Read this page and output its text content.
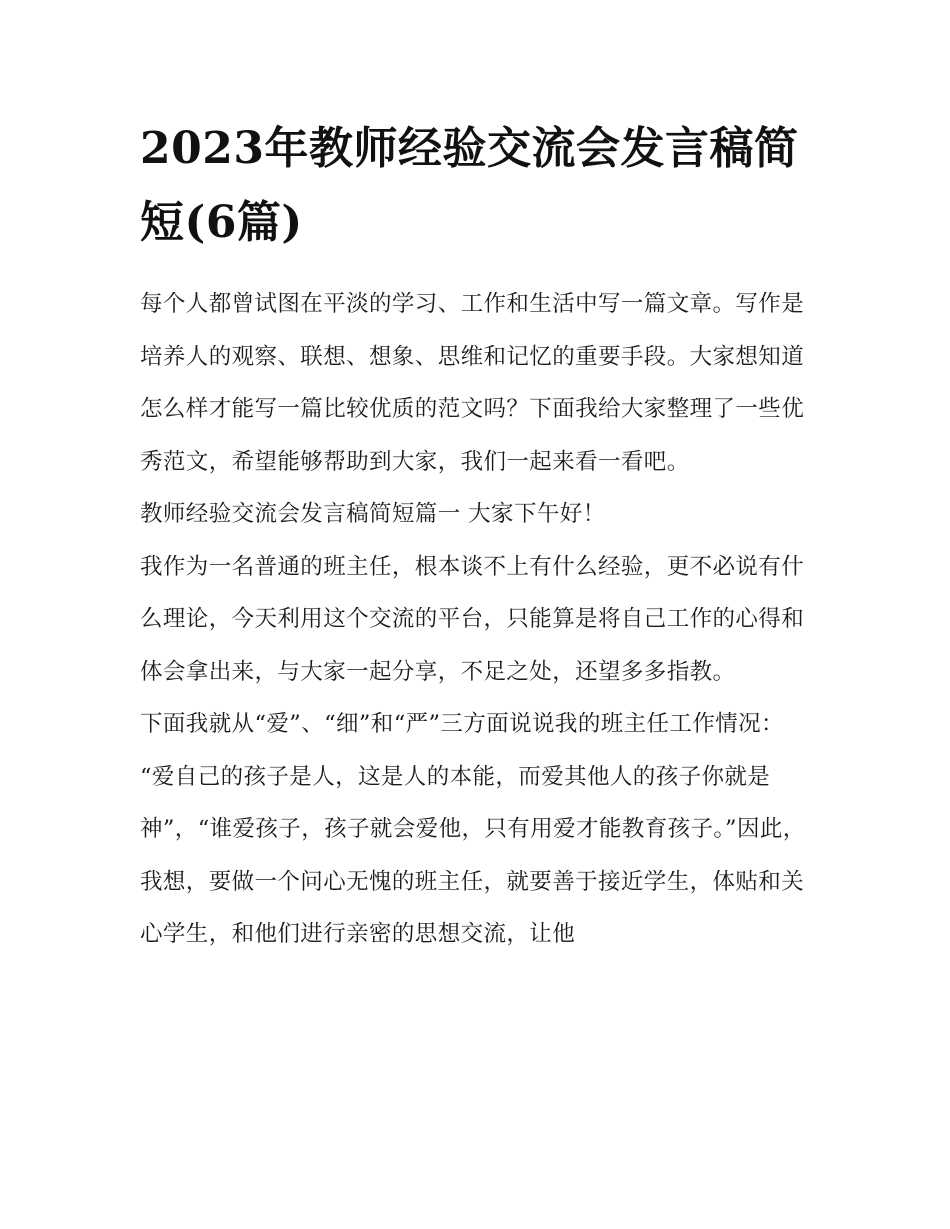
2023年教师经验交流会发言稿简短(6篇)

每个人都曾试图在平淡的学习、工作和生活中写一篇文章。写作是培养人的观察、联想、想象、思维和记忆的重要手段。大家想知道怎么样才能写一篇比较优质的范文吗？下面我给大家整理了一些优秀范文，希望能够帮助到大家，我们一起来看一看吧。

教师经验交流会发言稿简短篇一 大家下午好！

我作为一名普通的班主任，根本谈不上有什么经验，更不必说有什么理论，今天利用这个交流的平台，只能算是将自己工作的心得和体会拿出来，与大家一起分享，不足之处，还望多多指教。

下面我就从“爱”、“细”和“严”三方面说说我的班主任工作情况：

“爱自己的孩子是人，这是人的本能，而爱其他人的孩子你就是神”，“谁爱孩子，孩子就会爱他，只有用爱才能教育孩子。”因此，我想，要做一个问心无愧的班主任，就要善于接近学生，体贴和关心学生，和他们进行亲密的思想交流，让他
